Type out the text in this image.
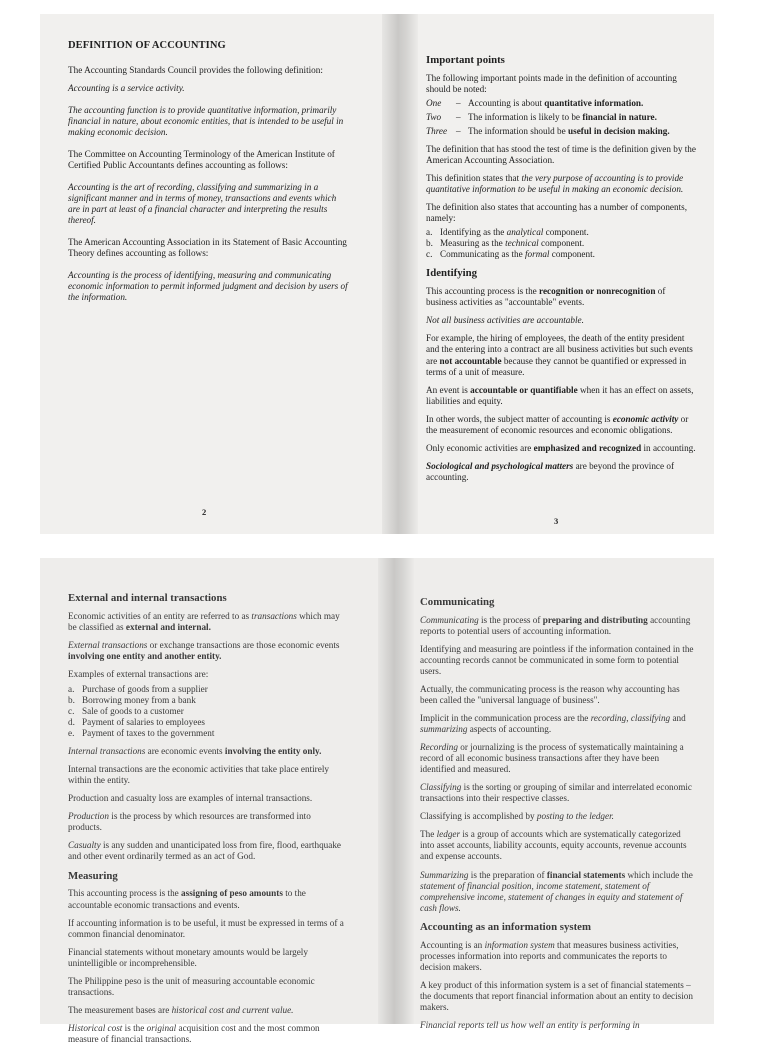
DEFINITION OF ACCOUNTING

The Accounting Standards Council provides the following definition:

Accounting is a service activity.

The accounting function is to provide quantitative information, primarily financial in nature, about economic entities, that is intended to be useful in making economic decision.

The Committee on Accounting Terminology of the American Institute of Certified Public Accountants defines accounting as follows:

Accounting is the art of recording, classifying and summarizing in a significant manner and in terms of money, transactions and events which are in part at least of a financial character and interpreting the results thereof.

The American Accounting Association in its Statement of Basic Accounting Theory defines accounting as follows:

Accounting is the process of identifying, measuring and communicating economic information to permit informed judgment and decision by users of the information.

2
Important points

The following important points made in the definition of accounting should be noted:

One	– Accounting is about quantitative information.
Two	– The information is likely to be financial in nature.
Three – The information should be useful in decision making.

The definition that has stood the test of time is the definition given by the American Accounting Association.

This definition states that the very purpose of accounting is to provide quantitative information to be useful in making an economic decision.

The definition also states that accounting has a number of components, namely:

a. Identifying as the analytical component.
b. Measuring as the technical component.
c. Communicating as the formal component.
Identifying

This accounting process is the recognition or nonrecognition of business activities as "accountable" events.

Not all business activities are accountable.

For example, the hiring of employees, the death of the entity president and the entering into a contract are all business activities but such events are not accountable because they cannot be quantified or expressed in terms of a unit of measure.

An event is accountable or quantifiable when it has an effect on assets, liabilities and equity.

In other words, the subject matter of accounting is economic activity or the measurement of economic resources and economic obligations.

Only economic activities are emphasized and recognized in accounting.

Sociological and psychological matters are beyond the province of accounting.

3
External and internal transactions

Economic activities of an entity are referred to as transactions which may be classified as external and internal.

External transactions or exchange transactions are those economic events involving one entity and another entity.

Examples of external transactions are:

a. Purchase of goods from a supplier
b. Borrowing money from a bank
c. Sale of goods to a customer
d. Payment of salaries to employees
e. Payment of taxes to the government

Internal transactions are economic events involving the entity only.

Internal transactions are the economic activities that take place entirely within the entity.

Production and casualty loss are examples of internal transactions.

Production is the process by which resources are transformed into products.

Casualty is any sudden and unanticipated loss from fire, flood, earthquake and other event ordinarily termed as an act of God.

Measuring

This accounting process is the assigning of peso amounts to the accountable economic transactions and events.

If accounting information is to be useful, it must be expressed in terms of a common financial denominator.

Financial statements without monetary amounts would be largely unintelligible or incomprehensible.

The Philippine peso is the unit of measuring accountable economic transactions.

The measurement bases are historical cost and current value.

Historical cost is the original acquisition cost and the most common measure of financial transactions.

Communicating

Communicating is the process of preparing and distributing accounting reports to potential users of accounting information.

Identifying and measuring are pointless if the information contained in the accounting records cannot be communicated in some form to potential users.

Actually, the communicating process is the reason why accounting has been called the "universal language of business".

Implicit in the communication process are the recording, classifying and summarizing aspects of accounting.

Recording or journalizing is the process of systematically maintaining a record of all economic business transactions after they have been identified and measured.

Classifying is the sorting or grouping of similar and interrelated economic transactions into their respective classes.

Classifying is accomplished by posting to the ledger.

The ledger is a group of accounts which are systematically categorized into asset accounts, liability accounts, equity accounts, revenue accounts and expense accounts.

Summarizing is the preparation of financial statements which include the statement of financial position, income statement, statement of comprehensive income, statement of changes in equity and statement of cash flows.

Accounting as an information system

Accounting is an information system that measures business activities, processes information into reports and communicates the reports to decision makers.

A key product of this information system is a set of financial statements – the documents that report financial information about an entity to decision makers.

Financial reports tell us how well an entity is performing in
